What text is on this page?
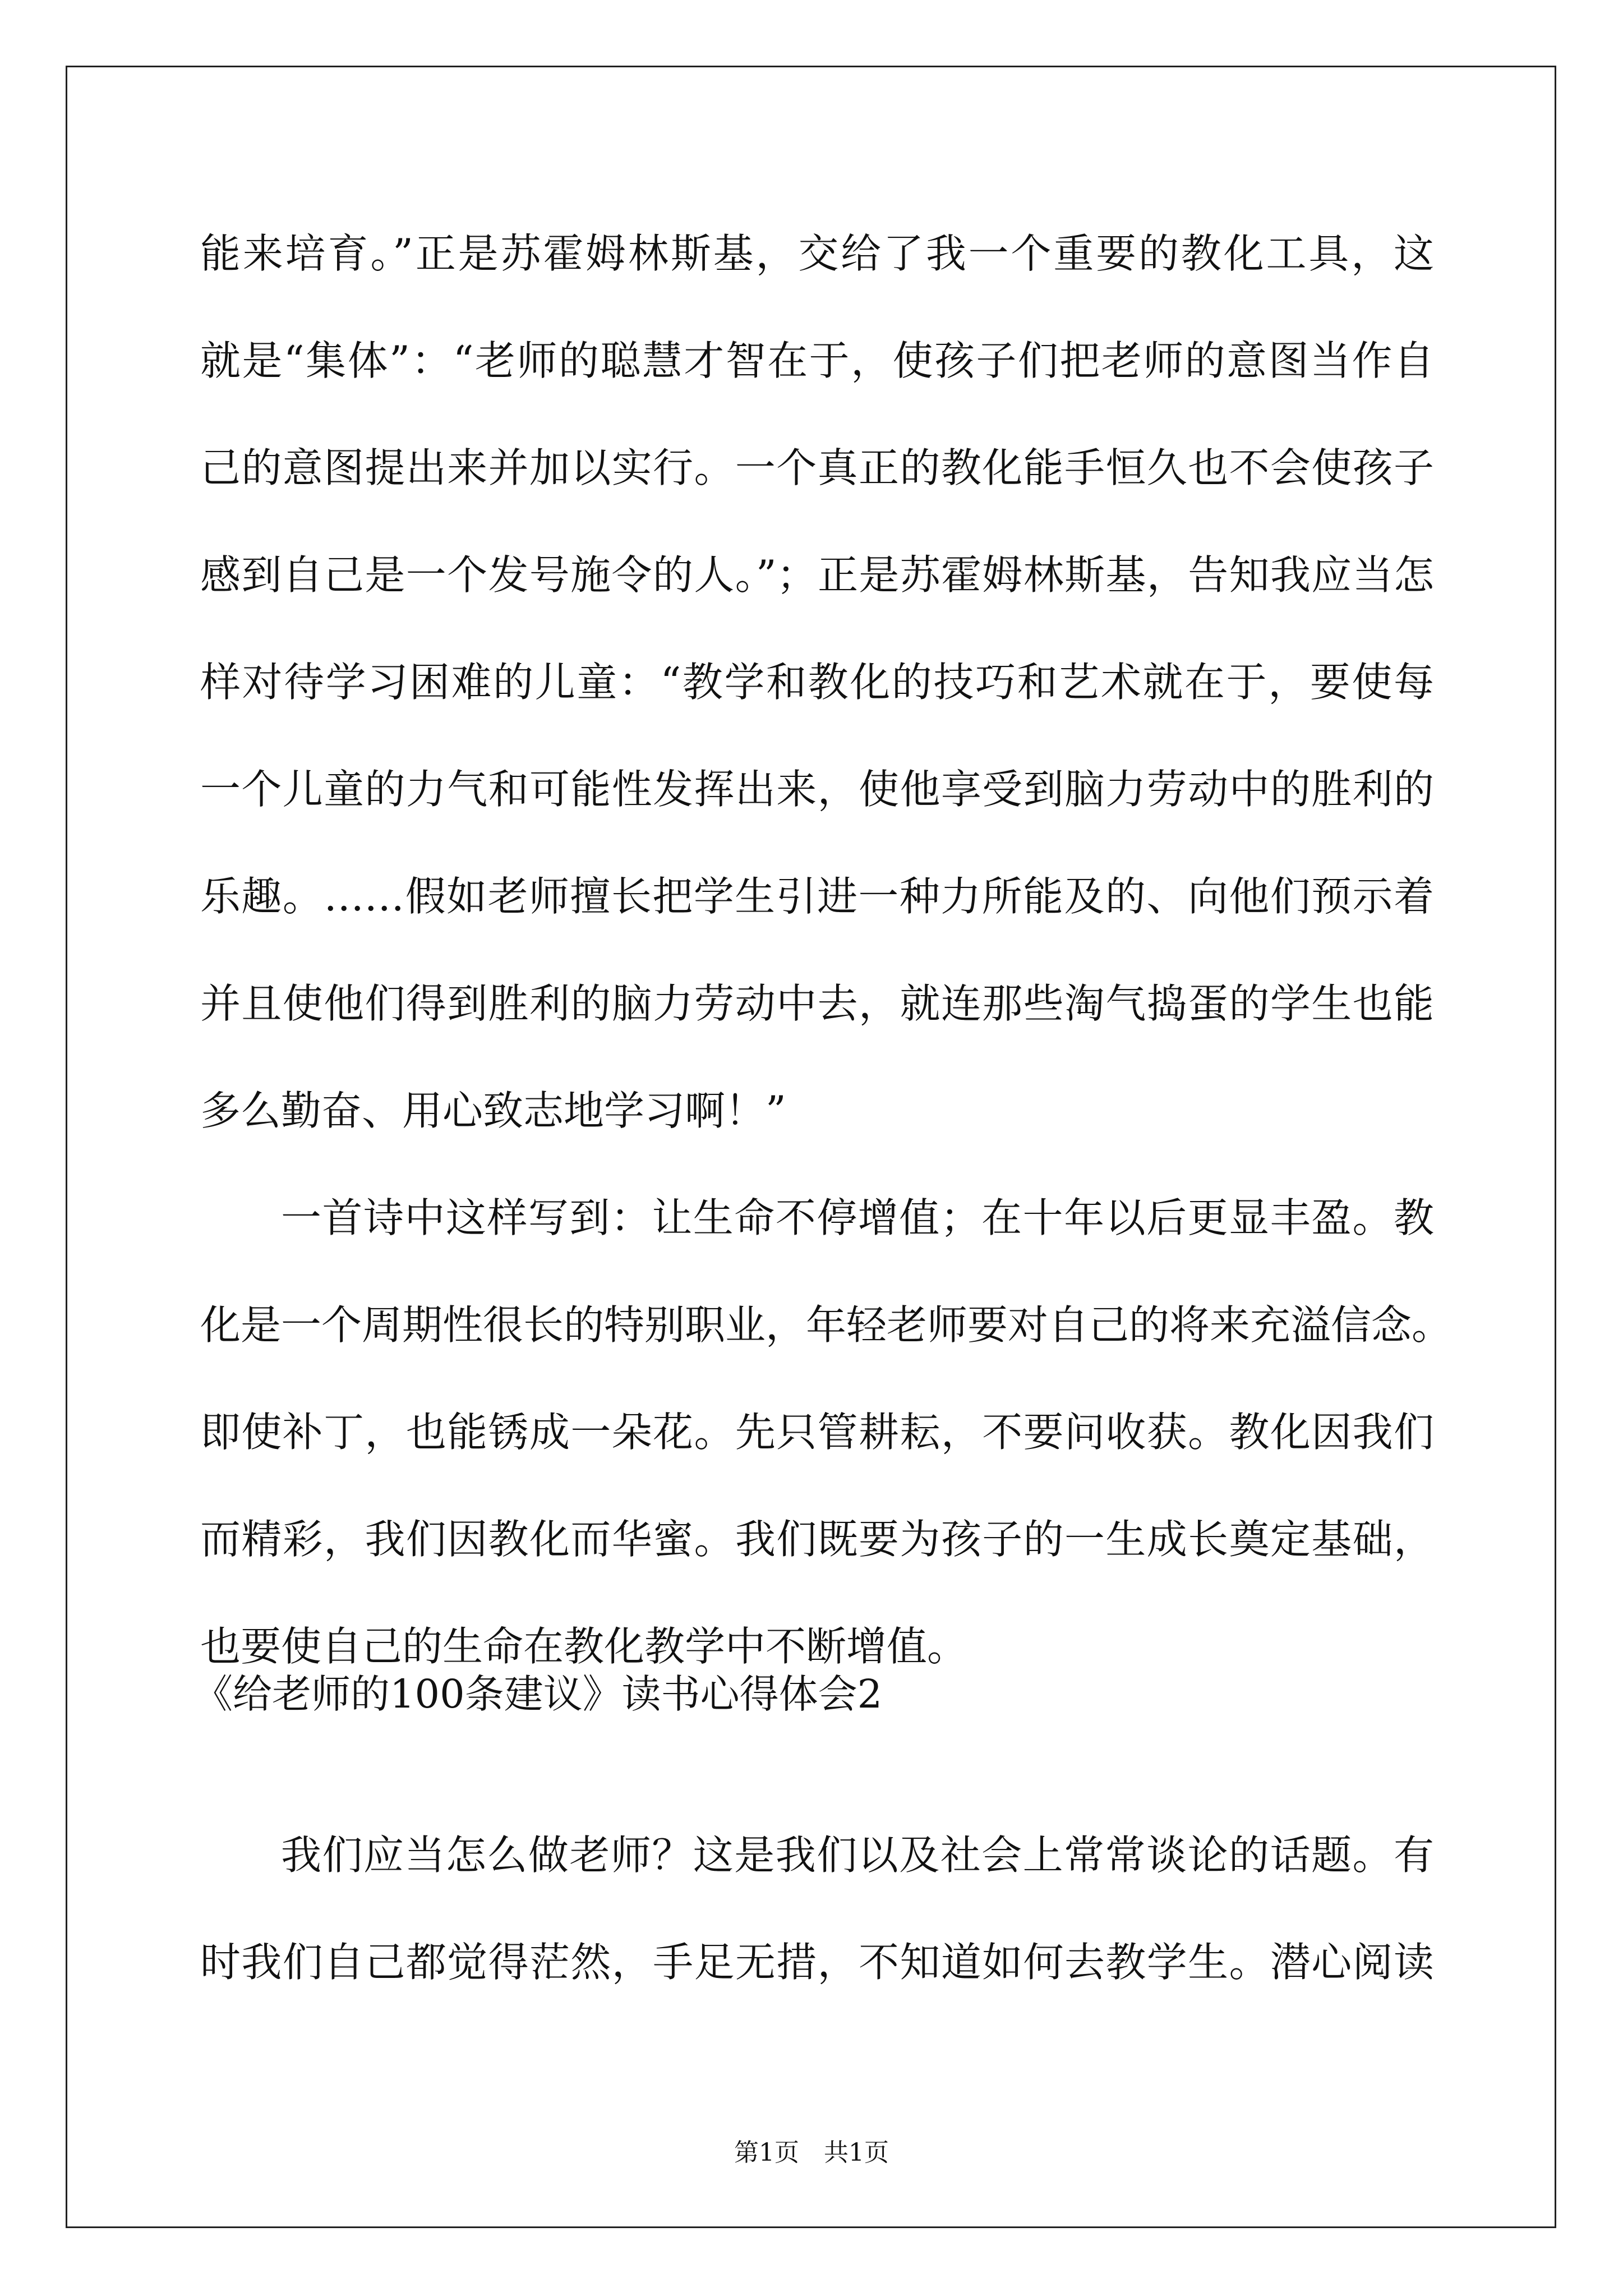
能来培育。”正是苏霍姆林斯基，交给了我一个重要的教化工具，这
就是“集体”：“老师的聪慧才智在于，使孩子们把老师的意图当作自
己的意图提出来并加以实行。一个真正的教化能手恒久也不会使孩子
感到自己是一个发号施令的人。”；正是苏霍姆林斯基，告知我应当怎
样对待学习困难的儿童：“教学和教化的技巧和艺术就在于，要使每
一个儿童的力气和可能性发挥出来，使他享受到脑力劳动中的胜利的
乐趣。……假如老师擅长把学生引进一种力所能及的、向他们预示着
并且使他们得到胜利的脑力劳动中去，就连那些淘气捣蛋的学生也能
多么勤奋、用心致志地学习啊！”
一首诗中这样写到：让生命不停增值；在十年以后更显丰盈。教
化是一个周期性很长的特别职业，年轻老师要对自己的将来充溢信念。
即使补丁，也能锈成一朵花。先只管耕耘，不要问收获。教化因我们
而精彩，我们因教化而华蜜。我们既要为孩子的一生成长奠定基础，
也要使自己的生命在教化教学中不断增值。
《给老师的100条建议》读书心得体会2
我们应当怎么做老师？这是我们以及社会上常常谈论的话题。有
时我们自己都觉得茫然，手足无措，不知道如何去教学生。潜心阅读
第1页　共1页
